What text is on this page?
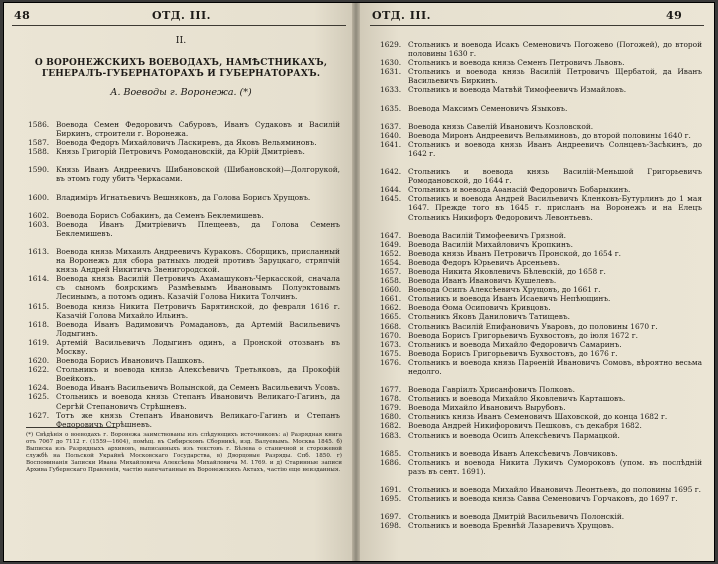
48	ОТД. III.
II.
О ВОРОНЕЖСКИХЪ ВОЕВОДАХЪ, НАМѢСТНИКАХЪ, ГЕНЕРАЛЪ-ГУБЕРНАТОРАХЪ И ГУБЕРНАТОРАХЪ.
А. Воеводы г. Воронежа. (*)
1586. Воевода Семен Федоровичъ Сабуровъ, Иванъ Судаковъ и Василій Биркинъ, строители г. Воронежа.
1587. Воевода Федоръ Михайловичъ Ласкиревъ, да Яковъ Вельяминовъ.
1588. Князь Григорій Петровичъ Ромодановскій, да Юрій Дмитріевъ.
1590. Князь Иванъ Андреевичъ Шибановской (Шибановской)—Долгорукой, въ этомъ году убитъ Черкасами.
1600. Владиміръ Игнатьевичъ Вешняковъ, да Голова Борисъ Хрущовъ.
1602. Воевода Борисъ Собакинъ, да Семенъ Беклемишевъ.
1603. Воевода Иванъ Дмитріевичъ Плещеевъ, да Голова Семенъ Беклемишевъ.
1613. Воевода князь Михаилъ Андреевичъ Кураковъ. Сборщикъ, присланный на Воронежъ для сбора ратныхъ людей противъ Заруцкаго, стряпчій князь Андрей Никитичъ Звенигородской.
1614. Воевода князь Василій Петровичъ Ахамашуковъ-Черкасской, сначала съ сыномъ боярскимъ Размѣевымъ Ивановымъ Полуэктовымъ Лесинымъ, а потомъ одинъ. Казачій Голова Никита Толчинъ.
1615. Воевода князь Никита Петровичъ Барятинской, до февраля 1616 г. Казачій Голова Михайло Ильинъ.
1618. Воевода Иванъ Вадимовичъ Ромадановъ, да Артемій Васильевичъ Лодыгинъ.
1619. Артемій Васильевичъ Лодыгинъ одинъ, а Пронской отозванъ въ Москву.
1620. Воевода Борисъ Ивановичъ Пашковъ.
1622. Стольникъ и воевода князь Алексѣевичъ Третьяковъ, да Прокофій Воейковъ.
1624. Воевода Иванъ Васильевичъ Волынской, да Семенъ Васильевичъ Усовъ.
1625. Стольникъ и воевода князь Степанъ Ивановичъ Великаго-Гагинъ, да Сергѣй Степановичъ Стрѣшневъ.
1627. Тотъ же князь Степанъ Ивановичъ Великаго-Гагинъ и Степанъ Федоровичъ Стрѣшневъ.
(*) Свѣдѣнія о воеводахъ г. Воронежа заимствованы изъ слѣдующихъ источниковъ: а) Разрядная книга отъ 7067 до 7112 г. (1559—1604), помѣщ. въ Сибирскомъ Сборникѣ, изд. Валуевымъ. Москва 1845. б) Выписка изъ Разрядныхъ архивовъ, выписанныхъ изъ текстовъ г. Бѣлева о станичной и сторожевой службѣ на Польской Украйнѣ Московскаго Государства, в) Дворцовые Разряды. Спб. 1850. г) Воспоминанія Записки Ивана Михайловича Алексѣева Михайловича М. 1769. и д) Старинные записи Архива Губернскаго Правленія, частію напечатанные въ Воронежскихъ Актахъ, частію еще неизданныя.
ОТД. III.	49
1629. Стольникъ и воевода Исакъ Семеновичъ Погожево (Погожей), до второй половины 1630 г.
1630. Стольникъ и воевода князь Семенъ Петровичъ Львовъ.
1631. Стольникъ и воевода князь Василій Петровичъ Щербатой, да Иванъ Васильевичъ Биркинъ.
1633. Стольникъ и воевода Матвѣй Тимофеевичъ Измайловъ.
1635. Воевода Максимъ Семеновичъ Языковъ.
1637. Воевода князь Савелій Ивановичъ Козловской.
1640. Воевода Миронъ Андреевичъ Вельяминовъ, до второй половины 1640 г.
1641. Стольникъ и воевода князь Иванъ Андреевичъ Солнцевъ-Засѣкинъ, до 1642 г.
1642. Стольникъ и воевода князь Василій-Меньшой Григорьевичъ Ромодановской, до 1644 г.
1644. Стольникъ и воевода Аѳанасій Федоровичъ Бобарыкинъ.
1645. Стольникъ и воевода Андрей Васильевичъ Кленковъ-Бутурлинъ до 1 мая 1647. Прежде того въ 1645 г. присланъ на Воронежъ и на Елецъ Стольникъ Никифоръ Федоровичъ Левонтьевъ.
1647. Воевода Василій Тимофеевичъ Грязной.
1649. Воевода Василій Михайловичъ Кропкинъ.
1652. Воевода князь Иванъ Петровичъ Пронской, до 1654 г.
1654. Воевода Федоръ Юрьевичъ Арсеньевъ.
1657. Воевода Никита Яковлевичъ Бѣлевскій, до 1658 г.
1658. Воевода Иванъ Ивановичъ Кушелевъ.
1660. Воевода Осипъ Алексѣевичъ Хрущовъ, до 1661 г.
1661. Стольникъ и воевода Иванъ Исаевичъ Непѣющинъ.
1662. Воевода Ѳома Осиповичъ Кривцовъ.
1665. Стольникъ Яковъ Даниловичъ Татищевъ.
1668. Стольникъ Василій Епифановичъ Уваровъ, до половины 1670 г.
1670. Воевода Борисъ Григорьевичъ Бухвостовъ, до іюля 1672 г.
1673. Стольникъ и воевода Михайло Федоровичъ Самаринъ.
1675. Воевода Борисъ Григорьевичъ Бухвостовъ, до 1676 г.
1676. Стольникъ и воевода князь Парѳеній Ивановичъ Сомовъ, вѣроятно весьма недолго.
1677. Воевода Гавріилъ Хрисанфовичъ Полковъ.
1678. Стольникъ и воевода Михайло Яковлевичъ Карташовъ.
1679. Воевода Михайло Ивановичъ Вырубовъ.
1680. Стольникъ князь Иванъ Семеновичъ Шаховской, до конца 1682 г.
1682. Воевода Андрей Никифоровичъ Пешковъ, съ декабря 1682.
1683. Стольникъ и воевода Осипъ Алексѣевичъ Пармацкой.
1685. Стольникъ и воевода Иванъ Алексѣевичъ Ловчиковъ.
1686. Стольникъ и воевода Никита Лукичъ Сумороковъ (упом. въ послѣдній разъ въ сент. 1691).
1691. Стольникъ и воевода Михайло Ивановичъ Леонтьевъ, до половины 1695 г.
1695. Стольникъ и воевода князь Савва Семеновичъ Горчаковъ, до 1697 г.
1697. Стольникъ и воевода Дмитрій Васильевичъ Полонскій.
1698. Стольникъ и воевода Бревнѣй Лазаревичъ Хрущовъ.
